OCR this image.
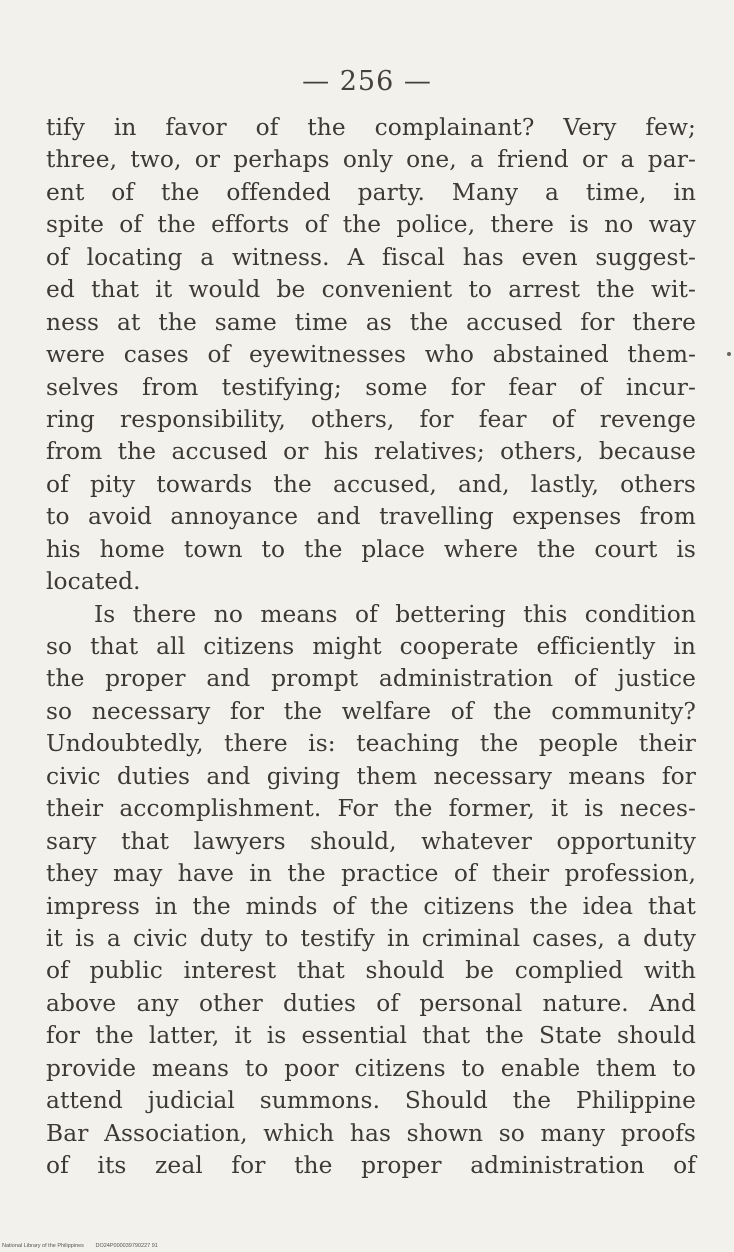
— 256 —
tify in favor of the complainant? Very few;
three, two, or perhaps only one, a friend or a par-
ent of the offended party. Many a time, in
spite of the efforts of the police, there is no way
of locating a witness. A fiscal has even suggest-
ed that it would be convenient to arrest the wit-
ness at the same time as the accused for there
were cases of eyewitnesses who abstained them-
selves from testifying; some for fear of incur-
ring responsibility, others, for fear of revenge
from the accused or his relatives; others, because
of pity towards the accused, and, lastly, others
to avoid annoyance and travelling expenses from
his home town to the place where the court is
located.
Is there no means of bettering this condition
so that all citizens might cooperate efficiently in
the proper and prompt administration of justice
so necessary for the welfare of the community?
Undoubtedly, there is: teaching the people their
civic duties and giving them necessary means for
their accomplishment. For the former, it is neces-
sary that lawyers should, whatever opportunity
they may have in the practice of their profession,
impress in the minds of the citizens the idea that
it is a civic duty to testify in criminal cases, a duty
of public interest that should be complied with
above any other duties of personal nature. And
for the latter, it is essential that the State should
provide means to poor citizens to enable them to
attend judicial summons. Should the Philippine
Bar Association, which has shown so many proofs
of its zeal for the proper administration of
National Library of the Philippines DO24P000039790227 91
